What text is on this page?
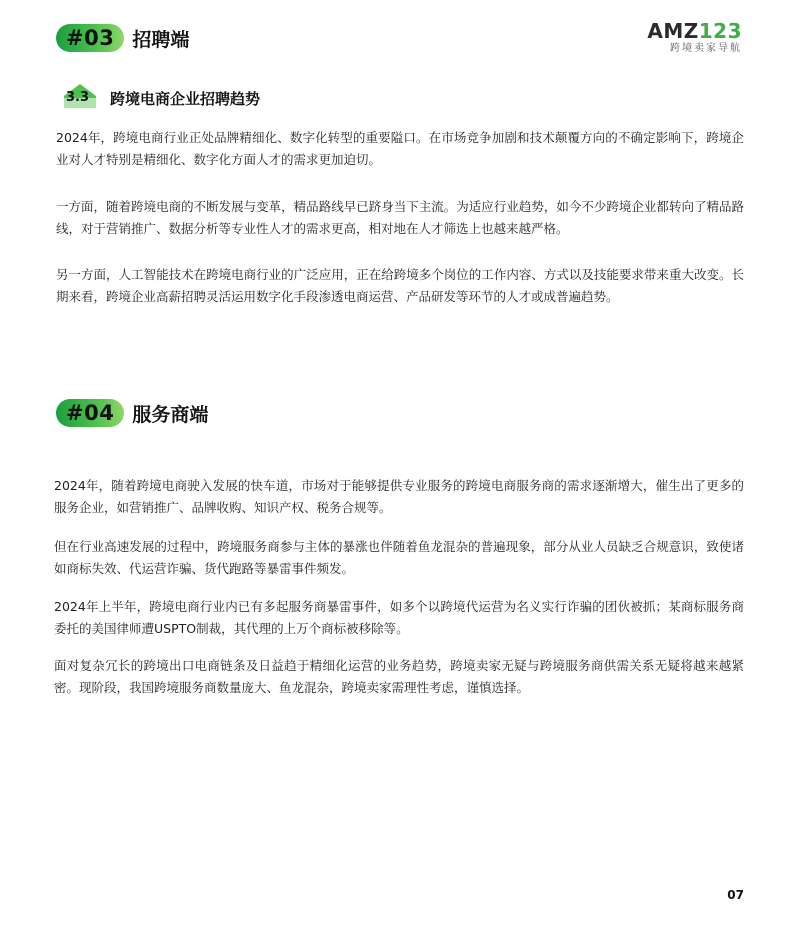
#03 招聘端	AMZ123
跨境卖家导航
3.3 跨境电商企业招聘趋势

2024年，跨境电商行业正处品牌精细化、数字化转型的重要隘口。在市场竞争加剧和技术颠覆方向的不确定影响下，跨境企业对人才特别是精细化、数字化方面人才的需求更加迫切。

一方面，随着跨境电商的不断发展与变革，精品路线早已跻身当下主流。为适应行业趋势，如今不少跨境企业都转向了精品路线，对于营销推广、数据分析等专业性人才的需求更高，相对地在人才筛选上也越来越严格。

另一方面，人工智能技术在跨境电商行业的广泛应用，正在给跨境多个岗位的工作内容、方式以及技能要求带来重大改变。长期来看，跨境企业高薪招聘灵活运用数字化手段渗透电商运营、产品研发等环节的人才或成普遍趋势。

#04 服务商端

2024年，随着跨境电商驶入发展的快车道，市场对于能够提供专业服务的跨境电商服务商的需求逐渐增大，催生出了更多的服务企业，如营销推广、品牌收购、知识产权、税务合规等。

但在行业高速发展的过程中，跨境服务商参与主体的暴涨也伴随着鱼龙混杂的普遍现象，部分从业人员缺乏合规意识，致使诸如商标失效、代运营诈骗、货代跑路等暴雷事件频发。

2024年上半年，跨境电商行业内已有多起服务商暴雷事件，如多个以跨境代运营为名义实行诈骗的团伙被抓；某商标服务商委托的美国律师遭USPTO制裁，其代理的上万个商标被移除等。

面对复杂冗长的跨境出口电商链条及日益趋于精细化运营的业务趋势，跨境卖家无疑与跨境服务商供需关系无疑将越来越紧密。现阶段，我国跨境服务商数量庞大、鱼龙混杂，跨境卖家需理性考虑，谨慎选择。

07
